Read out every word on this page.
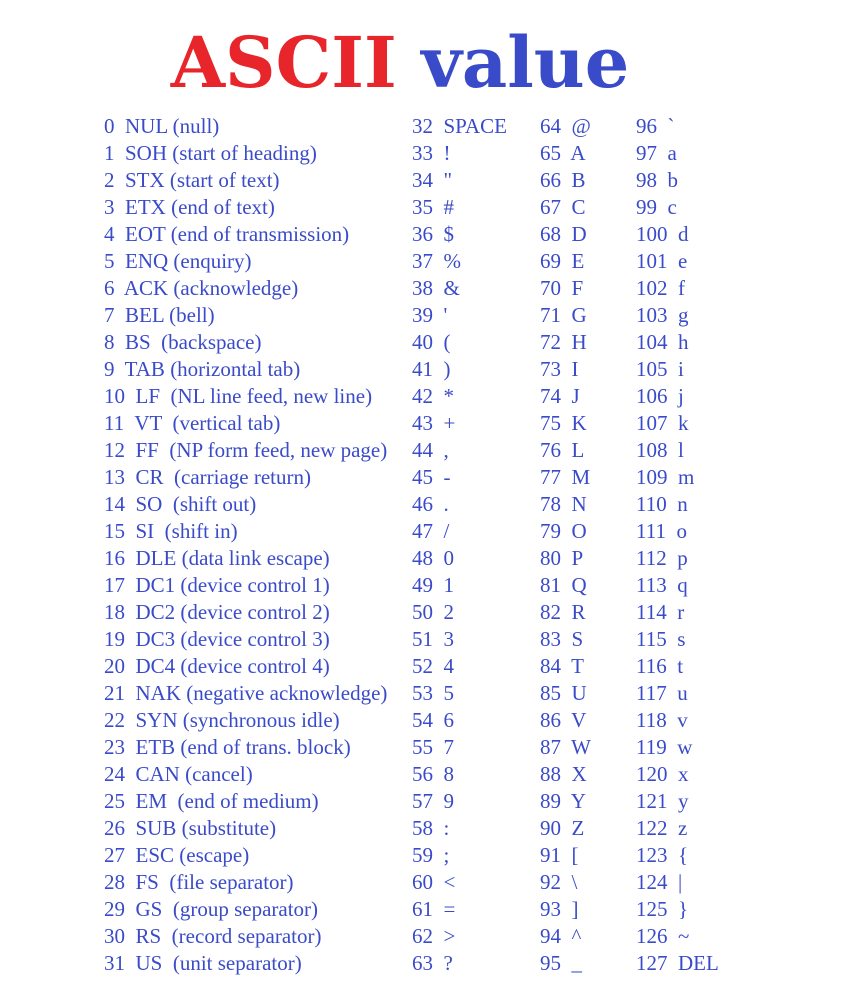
ASCII value
0  NUL (null)	32  SPACE 64  @ 96  `
1  SOH (start of heading)	33  !	65  A 97  a
2  STX (start of text)	34  "	66  B 98  b
3  ETX (end of text)	35  #	67  C 99  c
4  EOT (end of transmission)	36  $	68  D 100  d
5  ENQ (enquiry)	37  %	69  E 101  e
6  ACK (acknowledge)	38  &	70  F	102  f
7  BEL (bell)	39  '	71  G 103  g
8  BS  (backspace)	40  (	72  H 104  h
9  TAB (horizontal tab)	41  )	73  I	105  i
10  LF  (NL line feed, new line) 42  *	74  J	106  j
11  VT  (vertical tab)	43  +	75  K 107  k
12  FF  (NP form feed, new page) 44  ,	76  L 108  l
13  CR  (carriage return)	45  -	77  M 109  m
14  SO  (shift out)	46  .	78  N 110  n
15  SI  (shift in)	47  /	79  O 111  o
16  DLE (data link escape)	48  0	80  P	112  p
17  DC1 (device control 1)	49  1	81  Q 113  q
18  DC2 (device control 2)	50  2	82  R 114  r
19  DC3 (device control 3)	51  3	83  S	115  s
20  DC4 (device control 4)	52  4	84  T 116  t
21  NAK (negative acknowledge) 53  5	85  U 117  u
22  SYN (synchronous idle)	54  6	86  V 118  v
23  ETB (end of trans. block)	55  7	87  W 119  w
24  CAN (cancel)	56  8	88  X 120  x
25  EM  (end of medium)	57  9	89  Y 121  y
26  SUB (substitute)	58  :	90  Z 122  z
27  ESC (escape)	59  ;	91  [	123  {
28  FS  (file separator)	60  <	92  \	124  |
29  GS  (group separator)	61  =	93  ]	125  }
30  RS  (record separator)	62  >	94  ^	126  ~
31  US  (unit separator)	63  ?	95  _	127  DEL
